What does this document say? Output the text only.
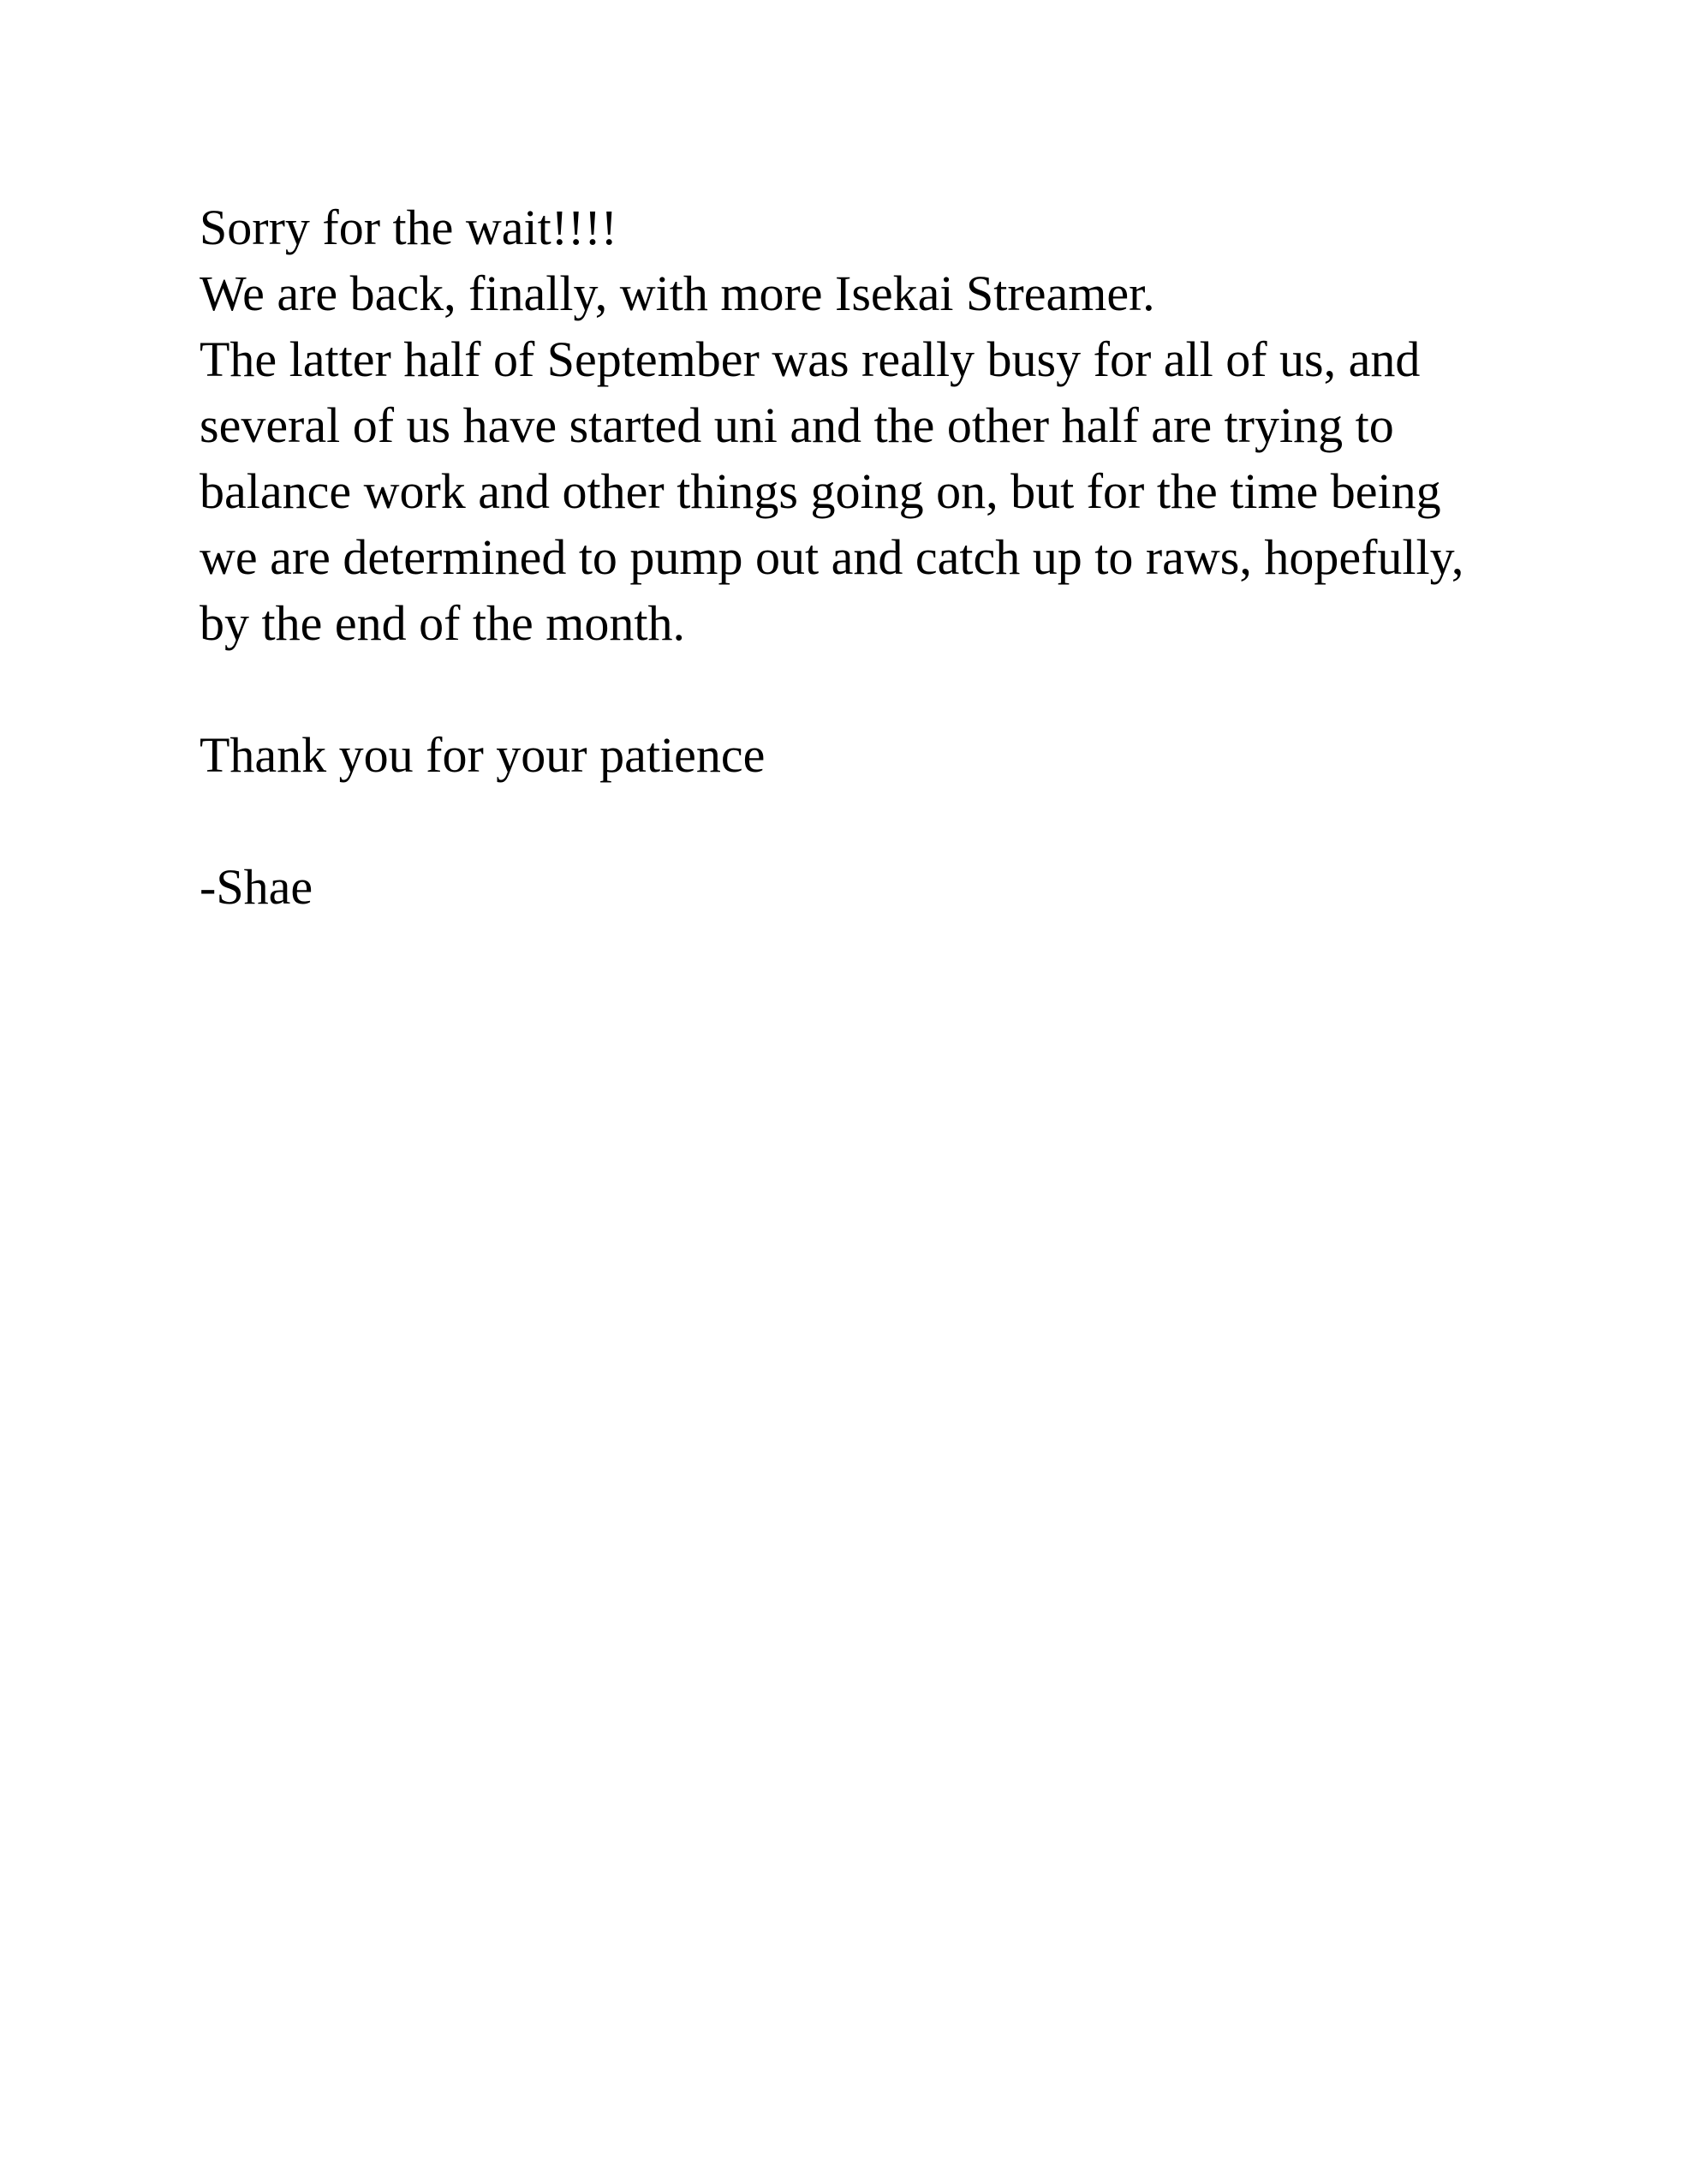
Sorry for the wait!!!!
We are back, finally, with more Isekai Streamer.
The latter half of September was really busy for all of us, and
several of us have started uni and the other half are trying to
balance work and other things going on, but for the time being
we are determined to pump out and catch up to raws, hopefully,
by the end of the month.
Thank you for your patience
-Shae
